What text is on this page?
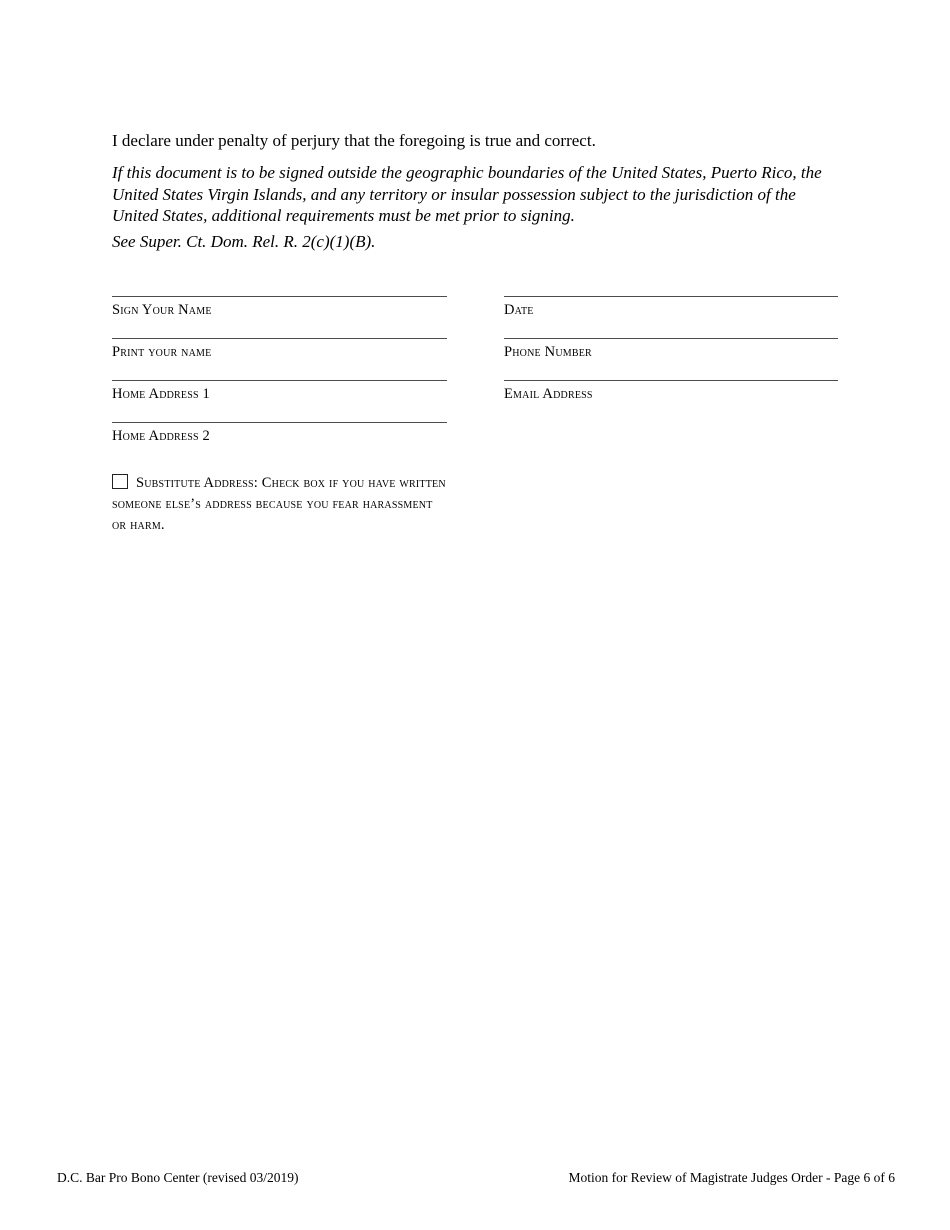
I declare under penalty of perjury that the foregoing is true and correct.

If this document is to be signed outside the geographic boundaries of the United States, Puerto Rico, the United States Virgin Islands, and any territory or insular possession subject to the jurisdiction of the United States, additional requirements must be met prior to signing.
See Super. Ct. Dom. Rel. R. 2(c)(1)(B).
Sign Your Name	Date
Print your name	Phone Number
Home Address 1	Email Address
Home Address 2
Substitute Address: Check box if you have written someone else’s address because you fear harassment or harm.
D.C. Bar Pro Bono Center (revised 03/2019)	Motion for Review of Magistrate Judges Order - Page 6 of 6
